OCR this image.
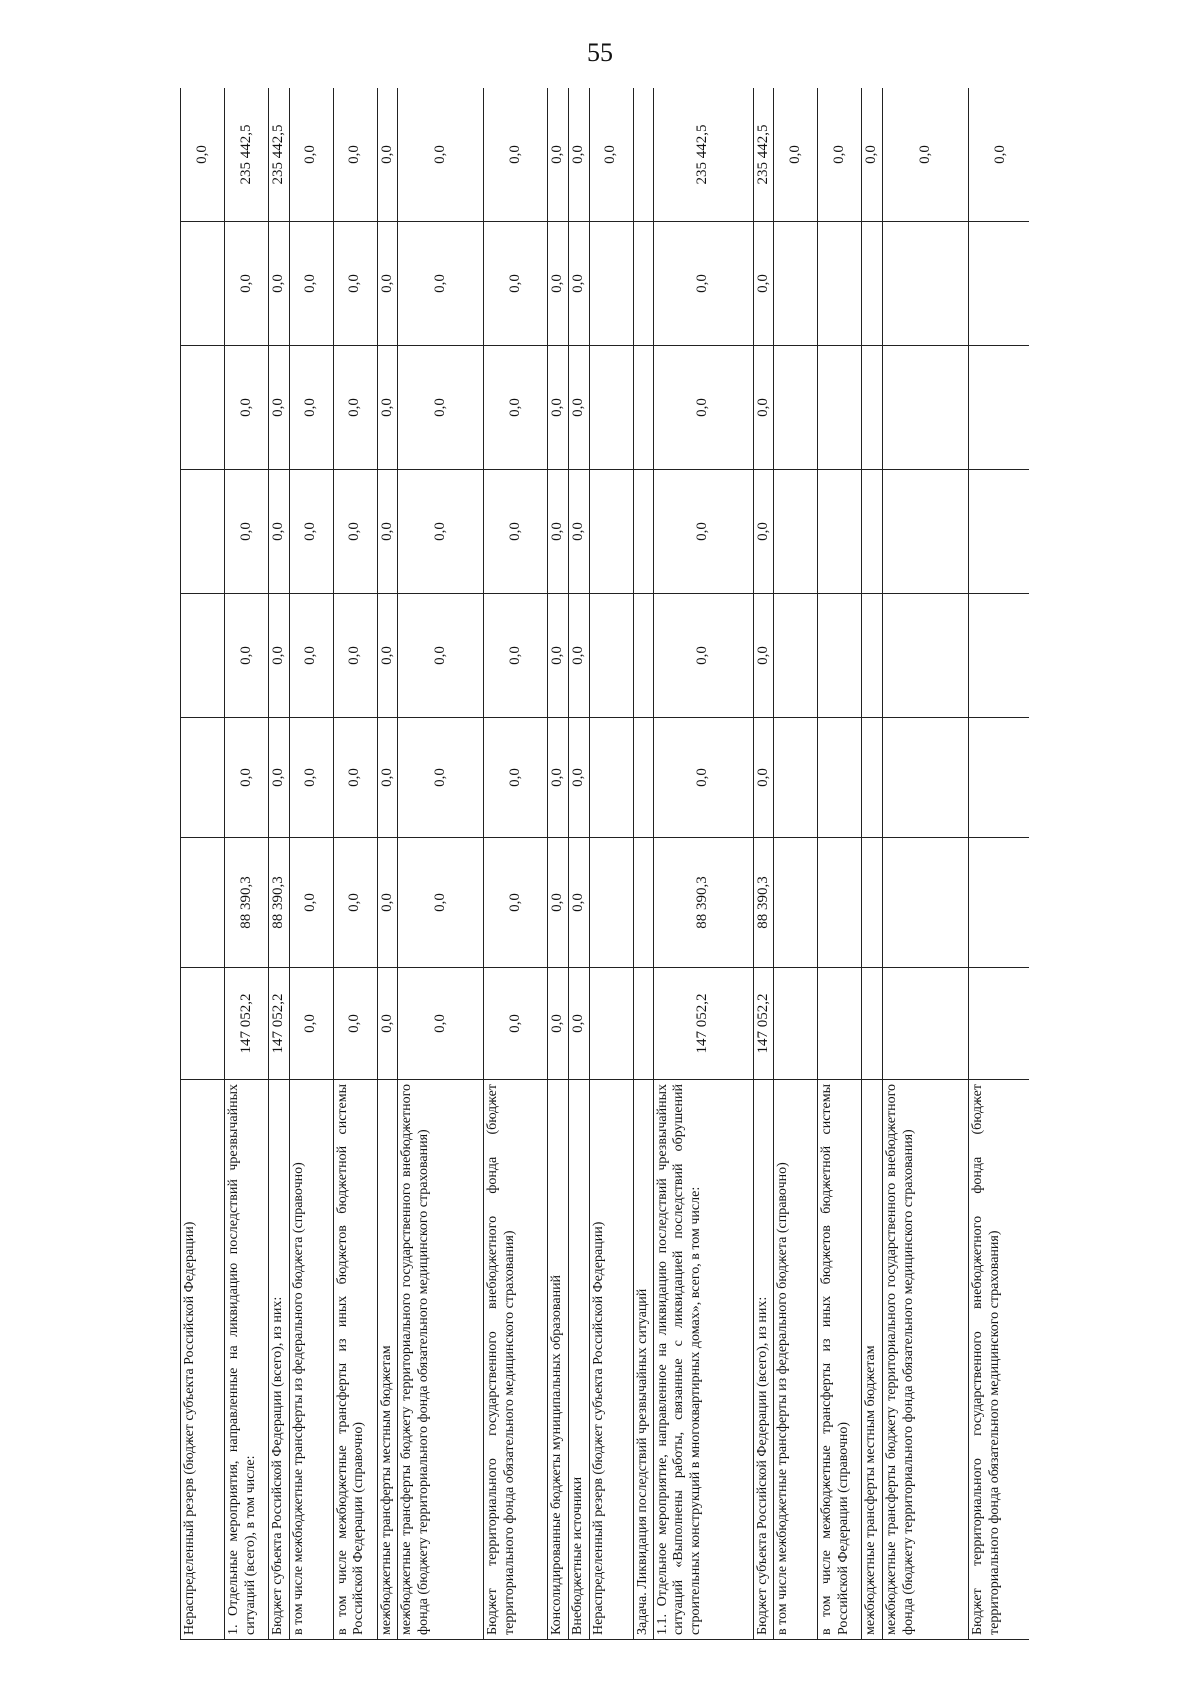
55
Нераспределенный резерв (бюджет субъекта Российской Федерации)								0,0
1. Отдельные мероприятия, направленные на ликвидацию последствий чрезвычайных ситуаций (всего), в том числе:	147 052,2	88 390,3	0,0	0,0	0,0	0,0	0,0	235 442,5
Бюджет субъекта Российской Федерации (всего), из них:	147 052,2	88 390,3	0,0	0,0	0,0	0,0	0,0	235 442,5
в том числе межбюджетные трансферты из федерального бюджета (справочно)	0,0	0,0	0,0	0,0	0,0	0,0	0,0	0,0
в том числе межбюджетные трансферты из иных бюджетов бюджетной системы Российской Федерации (справочно)	0,0	0,0	0,0	0,0	0,0	0,0	0,0	0,0
межбюджетные трансферты местным бюджетам	0,0	0,0	0,0	0,0	0,0	0,0	0,0	0,0
межбюджетные трансферты бюджету территориального государственного внебюджетного фонда (бюджету территориального фонда обязательного медицинского страхования)	0,0	0,0	0,0	0,0	0,0	0,0	0,0	0,0
Бюджет территориального государственного внебюджетного фонда (бюджет территориального фонда обязательного медицинского страхования)	0,0	0,0	0,0	0,0	0,0	0,0	0,0	0,0
Консолидированные бюджеты муниципальных образований	0,0	0,0	0,0	0,0	0,0	0,0	0,0	0,0
Внебюджетные источники	0,0	0,0	0,0	0,0	0,0	0,0	0,0	0,0
Нераспределенный резерв (бюджет субъекта Российской Федерации)								0,0
Задача. Ликвидация последствий чрезвычайных ситуаций								
1.1. Отдельное мероприятие, направленное на ликвидацию последствий чрезвычайных ситуаций «Выполнены работы, связанные с ликвидацией последствий обрушений строительных конструкций в многоквартирных домах», всего, в том числе:	147 052,2	88 390,3	0,0	0,0	0,0	0,0	0,0	235 442,5
Бюджет субъекта Российской Федерации (всего), из них:	147 052,2	88 390,3	0,0	0,0	0,0	0,0	0,0	235 442,5
в том числе межбюджетные трансферты из федерального бюджета (справочно)								0,0
в том числе межбюджетные трансферты из иных бюджетов бюджетной системы Российской Федерации (справочно)								0,0
межбюджетные трансферты местным бюджетам								0,0
межбюджетные трансферты бюджету территориального государственного внебюджетного фонда (бюджету территориального фонда обязательного медицинского страхования)								0,0
Бюджет территориального государственного внебюджетного фонда (бюджет территориального фонда обязательного медицинского страхования)								0,0
